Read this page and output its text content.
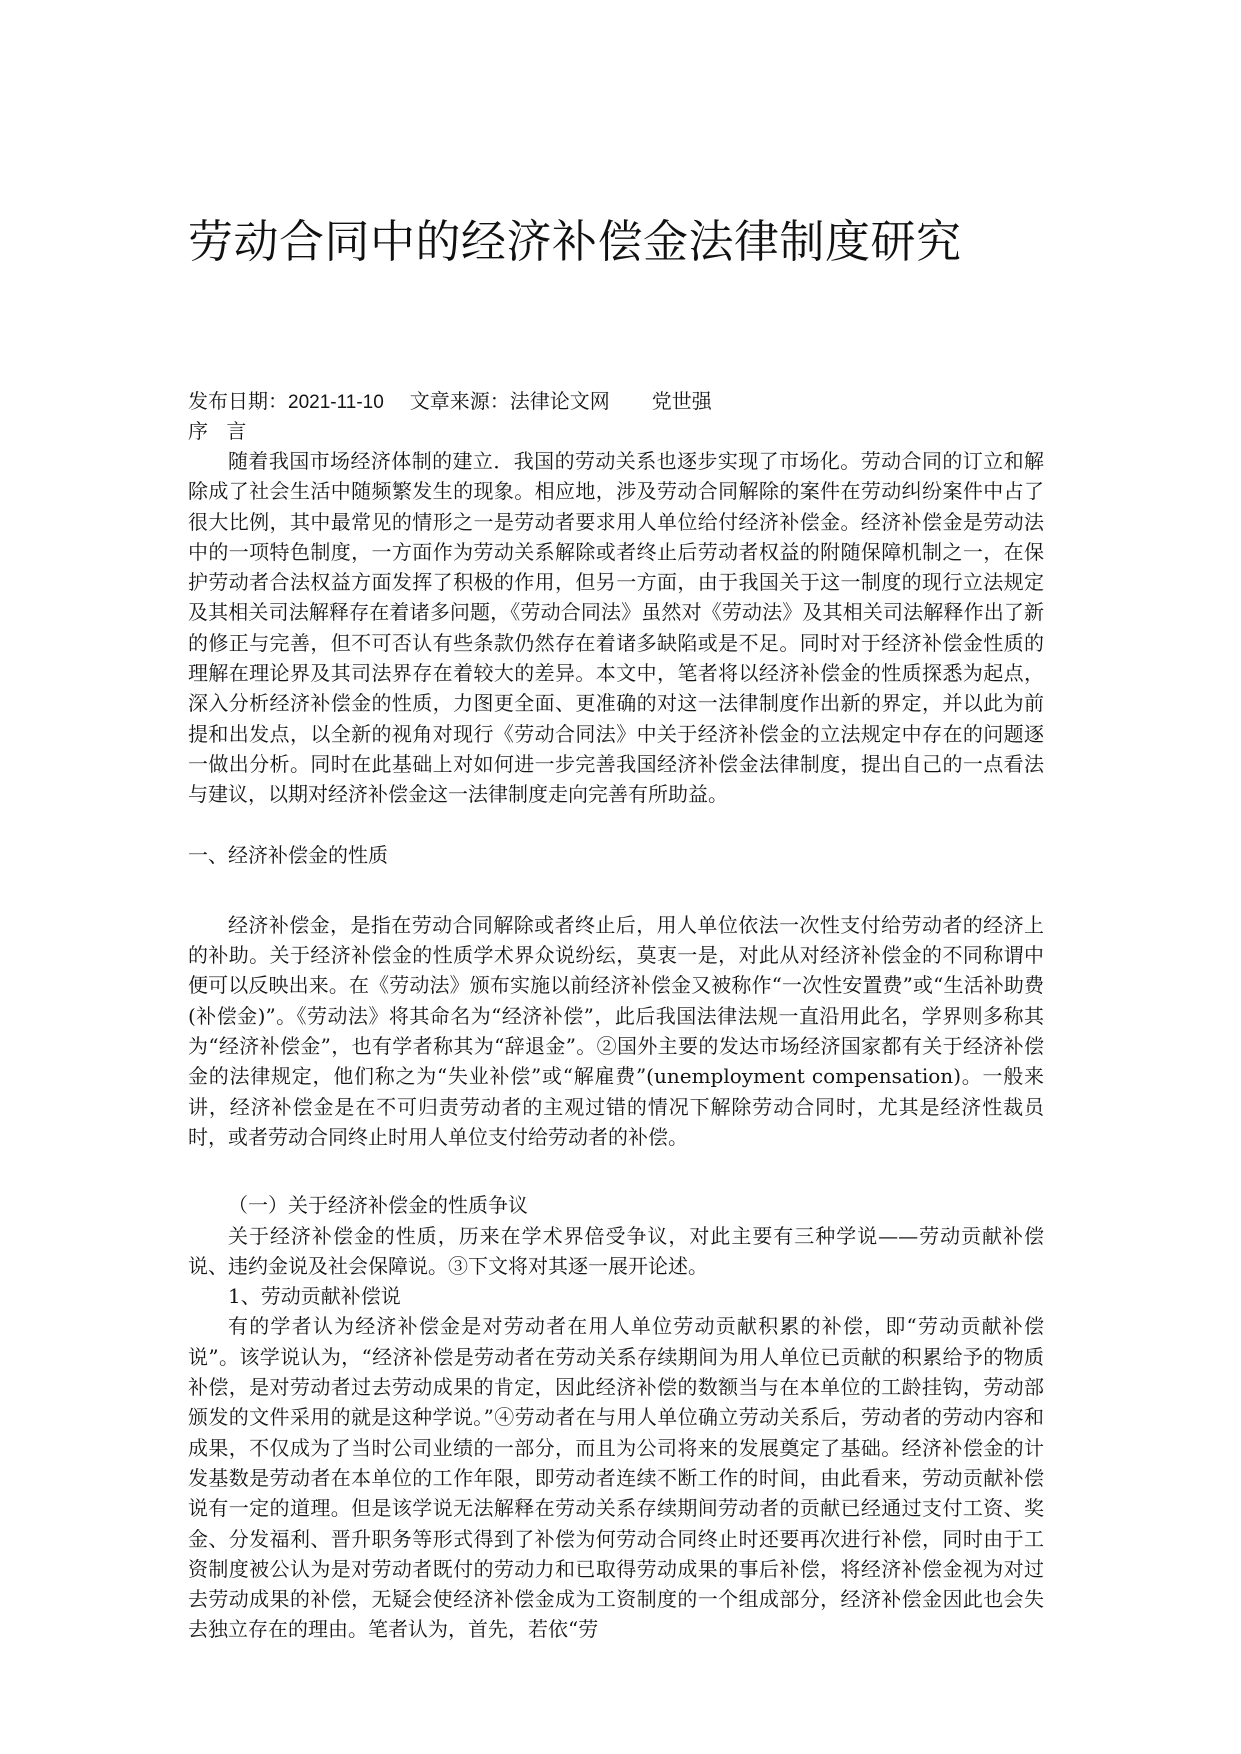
劳动合同中的经济补偿金法律制度研究
发布日期：2021-11-10 文章来源：法律论文网 党世强
序 言

随着我国市场经济体制的建立．我国的劳动关系也逐步实现了市场化。劳动合同的订立和解除成了社会生活中随频繁发生的现象。相应地，涉及劳动合同解除的案件在劳动纠纷案件中占了很大比例，其中最常见的情形之一是劳动者要求用人单位给付经济补偿金。经济补偿金是劳动法中的一项特色制度，一方面作为劳动关系解除或者终止后劳动者权益的附随保障机制之一，在保护劳动者合法权益方面发挥了积极的作用，但另一方面，由于我国关于这一制度的现行立法规定及其相关司法解释存在着诸多问题，《劳动合同法》虽然对《劳动法》及其相关司法解释作出了新的修正与完善，但不可否认有些条款仍然存在着诸多缺陷或是不足。同时对于经济补偿金性质的理解在理论界及其司法界存在着较大的差异。本文中，笔者将以经济补偿金的性质探悉为起点，深入分析经济补偿金的性质，力图更全面、更准确的对这一法律制度作出新的界定，并以此为前提和出发点，以全新的视角对现行《劳动合同法》中关于经济补偿金的立法规定中存在的问题逐一做出分析。同时在此基础上对如何进一步完善我国经济补偿金法律制度，提出自己的一点看法与建议，以期对经济补偿金这一法律制度走向完善有所助益。

一、经济补偿金的性质

经济补偿金，是指在劳动合同解除或者终止后，用人单位依法一次性支付给劳动者的经济上的补助。关于经济补偿金的性质学术界众说纷纭，莫衷一是，对此从对经济补偿金的不同称谓中便可以反映出来。在《劳动法》颁布实施以前经济补偿金又被称作“一次性安置费”或“生活补助费(补偿金)”。《劳动法》将其命名为“经济补偿”，此后我国法律法规一直沿用此名，学界则多称其为“经济补偿金”，也有学者称其为“辞退金”。②国外主要的发达市场经济国家都有关于经济补偿金的法律规定，他们称之为“失业补偿”或“解雇费”(unemployment compensation)。一般来讲，经济补偿金是在不可归责劳动者的主观过错的情况下解除劳动合同时，尤其是经济性裁员时，或者劳动合同终止时用人单位支付给劳动者的补偿。

（一）关于经济补偿金的性质争议

关于经济补偿金的性质，历来在学术界倍受争议，对此主要有三种学说——劳动贡献补偿说、违约金说及社会保障说。③下文将对其逐一展开论述。

1、劳动贡献补偿说

有的学者认为经济补偿金是对劳动者在用人单位劳动贡献积累的补偿，即“劳动贡献补偿说”。该学说认为，“经济补偿是劳动者在劳动关系存续期间为用人单位已贡献的积累给予的物质补偿，是对劳动者过去劳动成果的肯定，因此经济补偿的数额当与在本单位的工龄挂钩，劳动部颁发的文件采用的就是这种学说。”④劳动者在与用人单位确立劳动关系后，劳动者的劳动内容和成果，不仅成为了当时公司业绩的一部分，而且为公司将来的发展奠定了基础。经济补偿金的计发基数是劳动者在本单位的工作年限，即劳动者连续不断工作的时间，由此看来，劳动贡献补偿说有一定的道理。但是该学说无法解释在劳动关系存续期间劳动者的贡献已经通过支付工资、奖金、分发福利、晋升职务等形式得到了补偿为何劳动合同终止时还要再次进行补偿，同时由于工资制度被公认为是对劳动者既付的劳动力和已取得劳动成果的事后补偿，将经济补偿金视为对过去劳动成果的补偿，无疑会使经济补偿金成为工资制度的一个组成部分，经济补偿金因此也会失去独立存在的理由。笔者认为，首先，若依“劳
